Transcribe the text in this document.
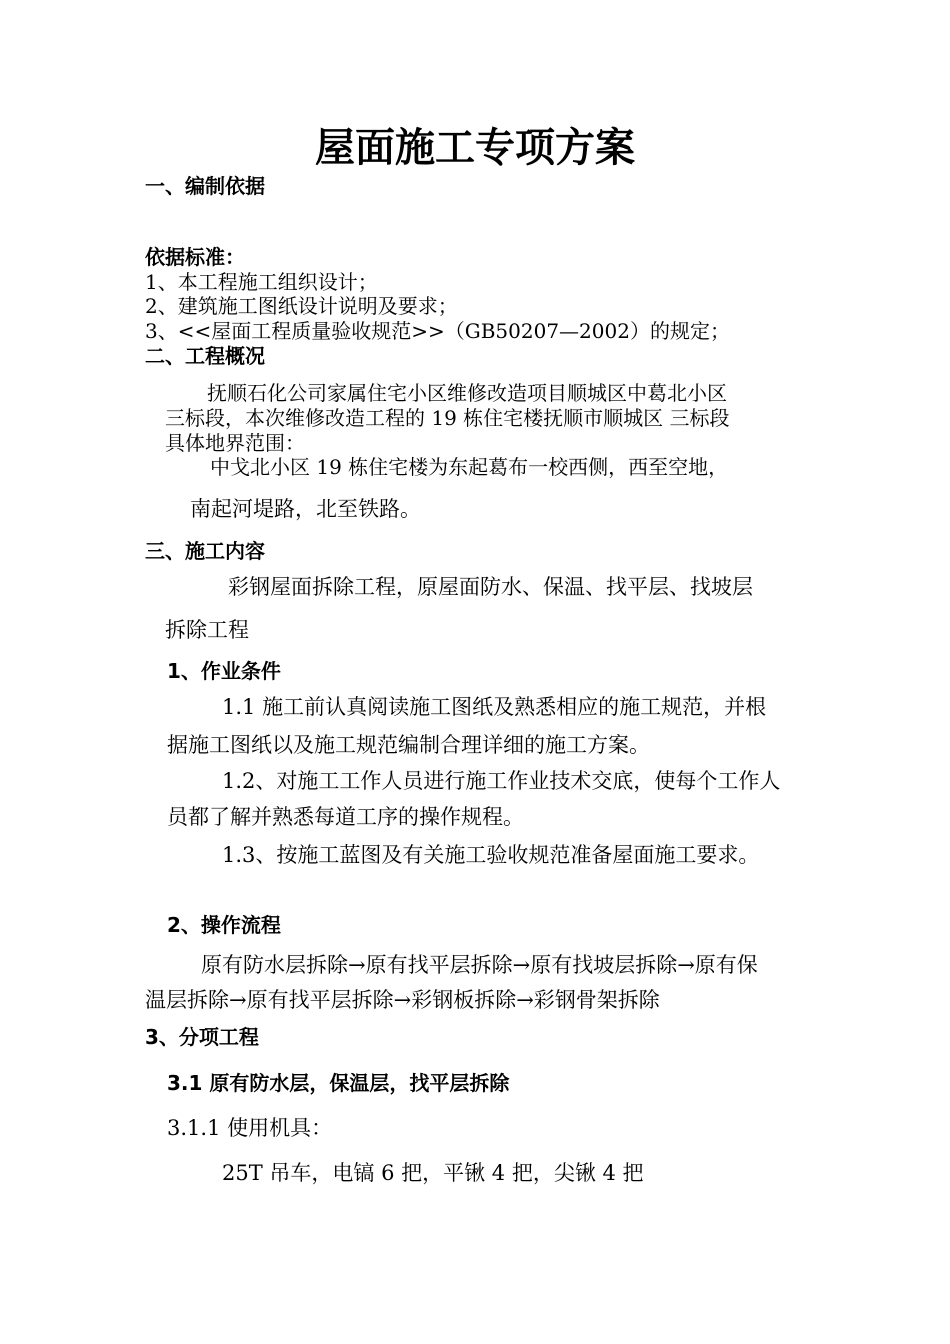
屋面施工专项方案
一、编制依据
依据标准：
1、本工程施工组织设计；
2、建筑施工图纸设计说明及要求；
3、<<屋面工程质量验收规范>>（GB50207—2002）的规定；
二、工程概况
抚顺石化公司家属住宅小区维修改造项目顺城区中葛北小区
三标段，本次维修改造工程的 19 栋住宅楼抚顺市顺城区 三标段
具体地界范围：
中戈北小区 19 栋住宅楼为东起葛布一校西侧，西至空地，
南起河堤路，北至铁路。
三、施工内容
彩钢屋面拆除工程，原屋面防水、保温、找平层、找坡层
拆除工程
1、作业条件
1.1 施工前认真阅读施工图纸及熟悉相应的施工规范，并根
据施工图纸以及施工规范编制合理详细的施工方案。
1.2、对施工工作人员进行施工作业技术交底，使每个工作人
员都了解并熟悉每道工序的操作规程。
1.3、按施工蓝图及有关施工验收规范准备屋面施工要求。
2、操作流程
原有防水层拆除→原有找平层拆除→原有找坡层拆除→原有保
温层拆除→原有找平层拆除→彩钢板拆除→彩钢骨架拆除
3、分项工程
3.1 原有防水层，保温层，找平层拆除
3.1.1 使用机具：
25T 吊车，电镐 6 把，平锹 4 把，尖锹 4 把
